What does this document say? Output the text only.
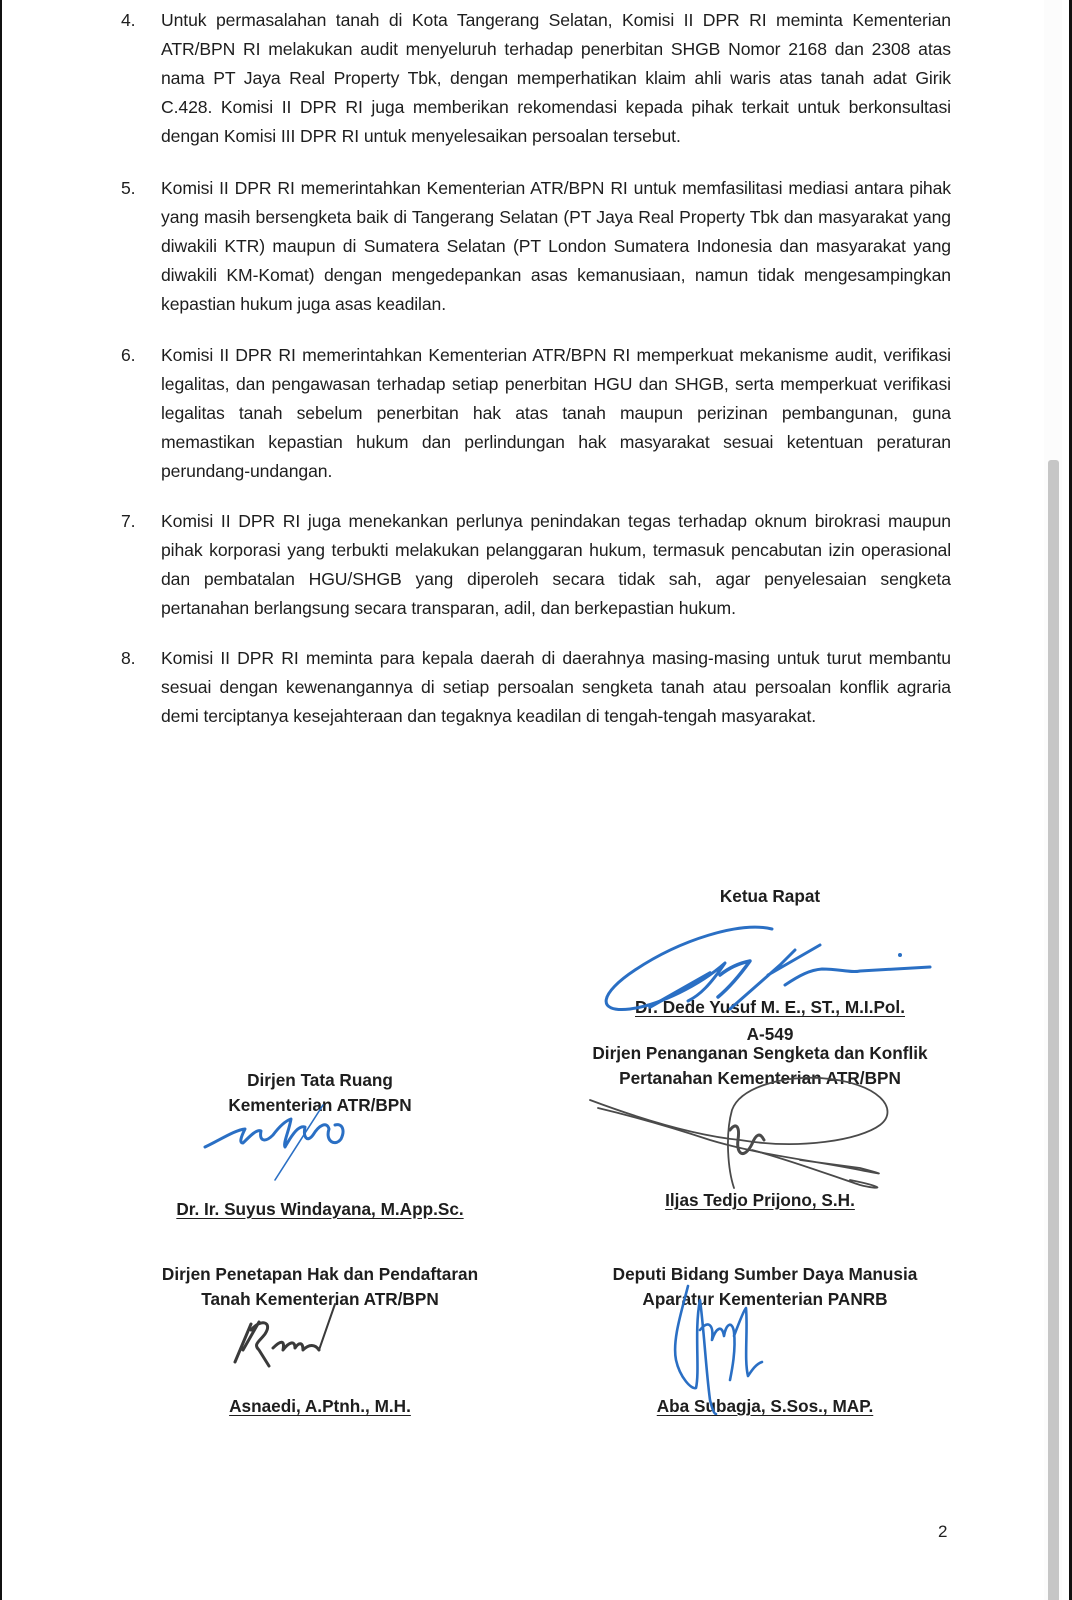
4. Untuk permasalahan tanah di Kota Tangerang Selatan, Komisi II DPR RI meminta Kementerian ATR/BPN RI melakukan audit menyeluruh terhadap penerbitan SHGB Nomor 2168 dan 2308 atas nama PT Jaya Real Property Tbk, dengan memperhatikan klaim ahli waris atas tanah adat Girik C.428. Komisi II DPR RI juga memberikan rekomendasi kepada pihak terkait untuk berkonsultasi dengan Komisi III DPR RI untuk menyelesaikan persoalan tersebut.
5. Komisi II DPR RI memerintahkan Kementerian ATR/BPN RI untuk memfasilitasi mediasi antara pihak yang masih bersengketa baik di Tangerang Selatan (PT Jaya Real Property Tbk dan masyarakat yang diwakili KTR) maupun di Sumatera Selatan (PT London Sumatera Indonesia dan masyarakat yang diwakili KM-Komat) dengan mengedepankan asas kemanusiaan, namun tidak mengesampingkan kepastian hukum juga asas keadilan.
6. Komisi II DPR RI memerintahkan Kementerian ATR/BPN RI memperkuat mekanisme audit, verifikasi legalitas, dan pengawasan terhadap setiap penerbitan HGU dan SHGB, serta memperkuat verifikasi legalitas tanah sebelum penerbitan hak atas tanah maupun perizinan pembangunan, guna memastikan kepastian hukum dan perlindungan hak masyarakat sesuai ketentuan peraturan perundang-undangan.
7. Komisi II DPR RI juga menekankan perlunya penindakan tegas terhadap oknum birokrasi maupun pihak korporasi yang terbukti melakukan pelanggaran hukum, termasuk pencabutan izin operasional dan pembatalan HGU/SHGB yang diperoleh secara tidak sah, agar penyelesaian sengketa pertanahan berlangsung secara transparan, adil, dan berkepastian hukum.
8. Komisi II DPR RI meminta para kepala daerah di daerahnya masing-masing untuk turut membantu sesuai dengan kewenangannya di setiap persoalan sengketa tanah atau persoalan konflik agraria demi terciptanya kesejahteraan dan tegaknya keadilan di tengah-tengah masyarakat.
Ketua Rapat
Dr. Dede Yusuf M. E., ST., M.I.Pol.
A-549
Dirjen Tata Ruang
Kementerian ATR/BPN
Dr. Ir. Suyus Windayana, M.App.Sc.
Dirjen Penanganan Sengketa dan Konflik
Pertanahan Kementerian ATR/BPN
Iljas Tedjo Prijono, S.H.
Dirjen Penetapan Hak dan Pendaftaran
Tanah Kementerian ATR/BPN
Asnaedi, A.Ptnh., M.H.
Deputi Bidang Sumber Daya Manusia
Aparatur Kementerian PANRB
Aba Subagja, S.Sos., MAP.
2
